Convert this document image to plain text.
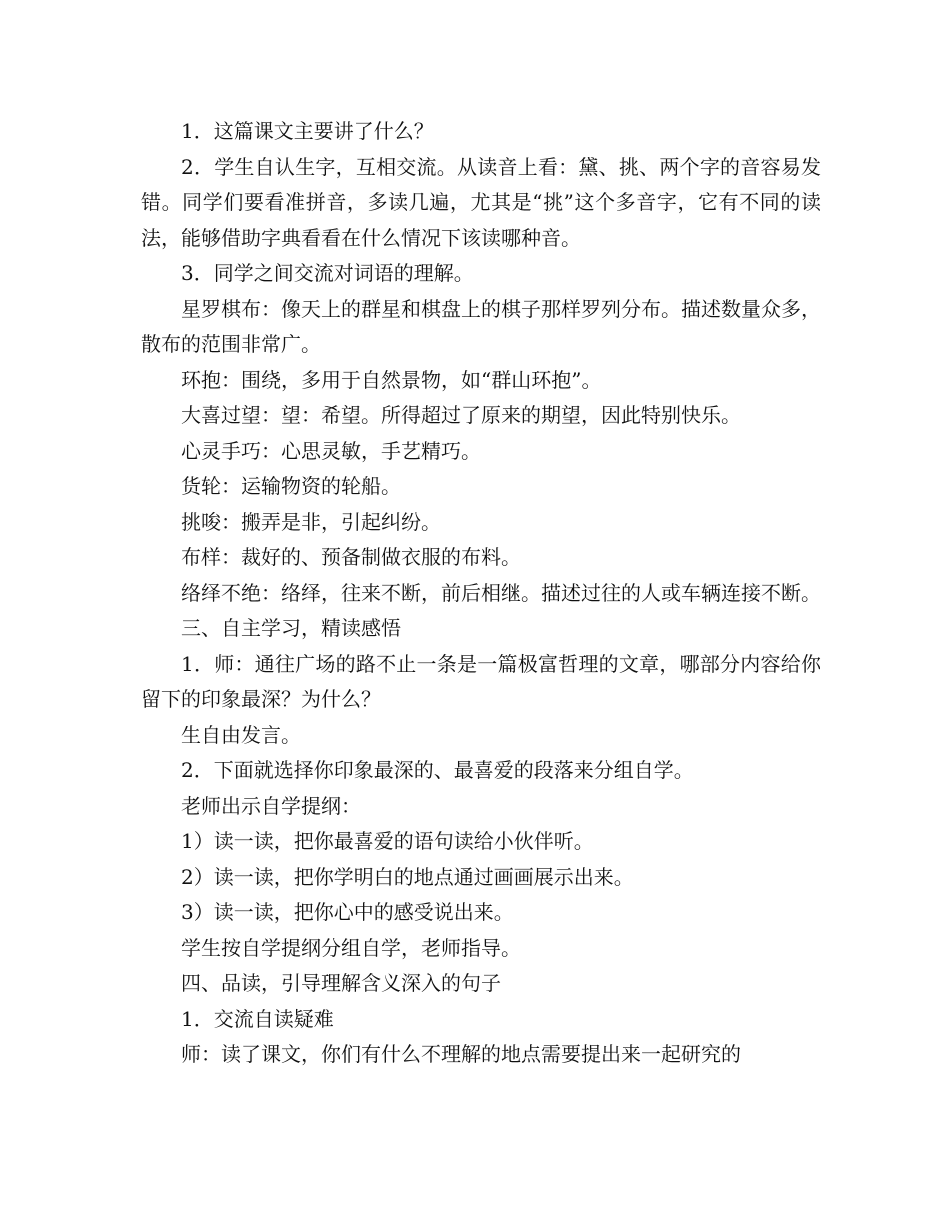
1．这篇课文主要讲了什么？

2．学生自认生字，互相交流。从读音上看：黛、挑、两个字的音容易发错。同学们要看准拼音，多读几遍，尤其是“挑”这个多音字，它有不同的读法，能够借助字典看看在什么情况下该读哪种音。

3．同学之间交流对词语的理解。

星罗棋布：像天上的群星和棋盘上的棋子那样罗列分布。描述数量众多，散布的范围非常广。

环抱：围绕，多用于自然景物，如“群山环抱”。

大喜过望：望：希望。所得超过了原来的期望，因此特别快乐。

心灵手巧：心思灵敏，手艺精巧。

货轮：运输物资的轮船。

挑唆：搬弄是非，引起纠纷。

布样：裁好的、预备制做衣服的布料。

络绎不绝：络绎，往来不断，前后相继。描述过往的人或车辆连接不断。

三、自主学习，精读感悟

1．师：通往广场的路不止一条是一篇极富哲理的文章，哪部分内容给你留下的印象最深？为什么？

生自由发言。

2．下面就选择你印象最深的、最喜爱的段落来分组自学。

老师出示自学提纲：

1）读一读，把你最喜爱的语句读给小伙伴听。

2）读一读，把你学明白的地点通过画画展示出来。

3）读一读，把你心中的感受说出来。

学生按自学提纲分组自学，老师指导。

四、品读，引导理解含义深入的句子

1．交流自读疑难

师：读了课文，你们有什么不理解的地点需要提出来一起研究的
